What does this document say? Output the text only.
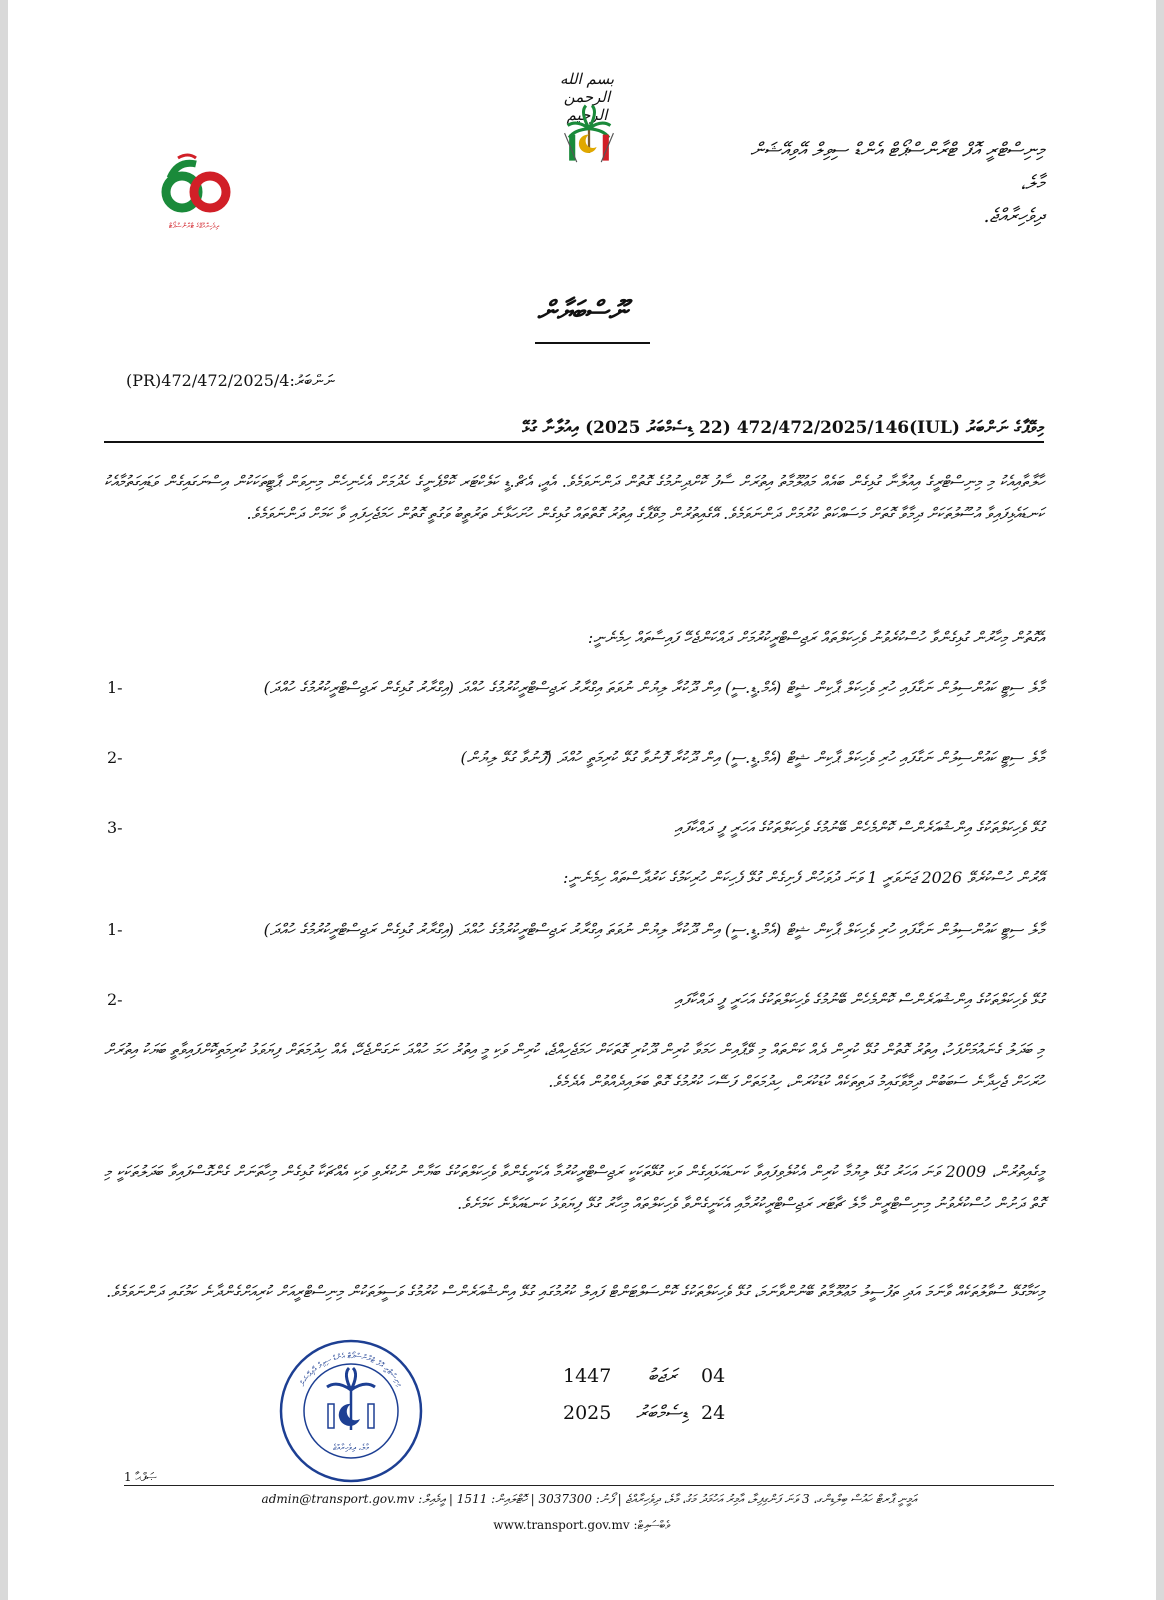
ދިވެހިރާއްޖޭގެ ޓްރާންސްޕޯޓް
بسم الله الرحمن الرحيم
މިނިސްޓްރީ އޮފް ޓްރާންސްޕޯޓް އެންޑް ސިވިލް އޭވިއޭޝަން
މާލެ،
ދިވެހިރާއްޖެ.
ނޫސްބަޔާން
(PR)472/472/2025/4:ނަންބަރު
މިވޭޕާގެ ނަންބަރު (IUL)472/472/2025/146 (22 ޑިސެމްބަރު 2025) އިއުލާނާ ގުޅޭ
ހާލާތާއިއެކު މި މިނިސްޓްރީގެ އިއުލާނާ ގުޅިގެން ބައެއް މަޢުލޫމާތު އިތުރަށް ސާފު ކޮށްދިނުމުގެ ގޮތުން ދަންނަވަމެވެ. އެއީ، އެޗް.ޑީ ކަލެކްޓަރ ކޮމްޕެނީގެ ހެދުމަށް އެހެނިހެން މިނިވަން ޕާޓީތަކަކުން އިސްނަގައިގެން ވަޑައިގަތުމާއެކު ކަނޑައެޅިފައިވާ އުސޫލުތަކަށް ދިމާވާ ގޮތަށް މަސައްކަތް ކުރުމަށް ދަންނަވަމެވެ. އޭގެއިތުރުން މިވޭޕާގެ އިތުރު ގޮތްތައް ގުޅިގެން ހުށަހަޅާނެ ތަރުތީބު ވަގުތީ ގޮތުން ހަމަޖެހިފައި ވާ ކަމަށް ދަންނަވަމެވެ.
އެގޮތުން މިހާރުން ގުޅިގެންވާ ހުސްކުރެވުނު ވެހިކަލްތައް ރަޖިސްޓްރީކުރުމަށް ދައްކަންޖެހޭ ފައިސާތައް ހިމެނެނީ:
1-	މާލެ ސިޓީ ކައުންސިލުން ނަގާފައި ހުރި ވެހިކަލް ޕާކިން ޝީޓް (އެމް.ޑީ.ސީ) އިން ދޫކުރާ ލިޔުން ނުވަތަ އިގްރާރު ރަޖިސްޓްރީކުރުމުގެ ހުއްދަ (އިގްރާރު ގުޅިގެން ރަޖިސްޓްރީކުރުމުގެ ހުއްދަ)
2-	މާލެ ސިޓީ ކައުންސިލުން ނަގާފައި ހުރި ވެހިކަލް ޕާކިން ޝީޓް (އެމް.ޑީ.ސީ) އިން ދޫކުރާ ފޮނުވާ ގުޅޭ ކުރިމަތީ ހުއްދަ (ފޮނުވާ ގުޅޭ ލިޔުން)
3-	ގުޅޭ ވެހިކަލްތަކުގެ އިންޝުއަރެންސް ކޮންމެހެން ބޭނުމުގެ ވެހިކަލްތަކުގެ އަހަރީ ފީ ދައްކާފައި
އޭރުން ހުސްކުރެވޭ 2026 ޖަނަވަރީ 1 ވަނަ ދުވަހުން ފެށިގެން ގުޅޭ ފެހިކަން ހުރިކަމުގެ ކަރުދާސްތައް ހިމެނެނީ:
1-	މާލެ ސިޓީ ކައުންސިލުން ނަގާފައި ހުރި ވެހިކަލް ޕާކިން ޝީޓް (އެމް.ޑީ.ސީ) އިން ދޫކުރާ ލިޔުން ނުވަތަ އިގްރާރު ރަޖިސްޓްރީކުރުމުގެ ހުއްދަ (އިގްރާރު ގުޅިގެން ރަޖިސްޓްރީކުރުމުގެ ހުއްދަ)
2-	ގުޅޭ ވެހިކަލްތަކުގެ އިންޝުއަރެންސް ކޮންމެހެން ބޭނުމުގެ ވެހިކަލްތަކުގެ އަހަރީ ފީ ދައްކާފައި
މި ބަދަލު ގެނައުމަށްފަހު، އިތުރު ގޮތުން ގުޅޭ ކުރިން ދެއް ކަންތައް މި ވޭޕާއިން ހަމަވާ ކުރިން ދޫކުރި ގޮތަކަށް ހަމަޖެހިއްޖެ، ކުރިން ވަކި މީ އިތުރު ހަމަ ހުއްދަ ނަގަންޖެހޭ، އެއް ހިދުމަތަށް ފިޔަވަޅު ކުރިމަތިކޮށްފައިވާތީ ބަޔަކު އިތުރަށް ހުރަހަށް ޖެހިދާނެ ސަބަބުން ދިމާވާގައިމު ދަތިތަކެއް ކުޑަކުރަން، ހިދުމަތަށް ފަސޭހަ ކުރުމުގެ ގޮތް ބަލައިދެއްވުން އެދެމެވެ.
މީގެއިތުރުން، 2009 ވަނަ އަހަރު ގުޅޭ ލިޔުމާ ކުރިން އެކުލެވިފައިވާ ކަނޑައަޅައިގެން ވަކި ގުޅޭތަކަކީ ރަޖިސްޓްރީކުރުމާ އެކަށީގެންވާ ވެހިކަލްތަކުގެ ބަޔާން ނުކުރެވި ވަކި އެއްޗަކާ ގުޅިގެން މިހާތަނަށް ގެންގޮސްފައިވާ ބަދަލުތަކަކީ މި ގޮތް ދަށުން ހުސްކުރެވުނު މިނިސްޓްރީން މާލެ ޗާޓަރ ރަޖިސްޓްރީކުރުމާއި އެކަށީގެންވާ ވެހިކަލްތައް މިހާރު ގުޅޭ ފިޔަވަޅު ކަނޑައަޅާނެ ކަމަށެވެ.
މިކަމާގުޅޭ ސުވާލުތަކެއް ވާނަމަ އަދި ތަފުސީލު މަޢުލޫމާތު ބޭނުންވާނަމަ، ގުޅޭ ވެހިކަލްތަކުގެ ކޮންސަލްޓަންޓް ފައިލް ކުރުމުގައި ގުޅޭ އިންޝުއަރެންސް ކުރުމުގެ ވަސީލަތަކުން މިނިސްޓްރީއަށް ކުރިއަށްގެންދާނެ ކަމުގައި ދަންނަވަމެވެ.
1447 ރަޖަބު 04
2025 ޑިސެމްބަރު 24
މިނިސްޓްރީ އޮފް ޓްރާންސްޕޯޓް އެންޑް ސިވިލް އޭވިއޭޝަން
މާލެ، ދިވެހިރާއްޖެ
ޞަފްޙާ 1
އަމީނީ ޕާރޓް ހައުސް ބިލްޑިންގ، 3 ވަނަ ފަންގިފިލާ، އާމިރު އަހުމަދު މަގު، މާލެ، ދިވެހިރާއްޖެ | ފޯނު: 3037300 | ހޮޓްލައިން: 1511 | އީމެއިލް: admin@transport.gov.mv
www.transport.gov.mv :ވެބްސައިޓް
